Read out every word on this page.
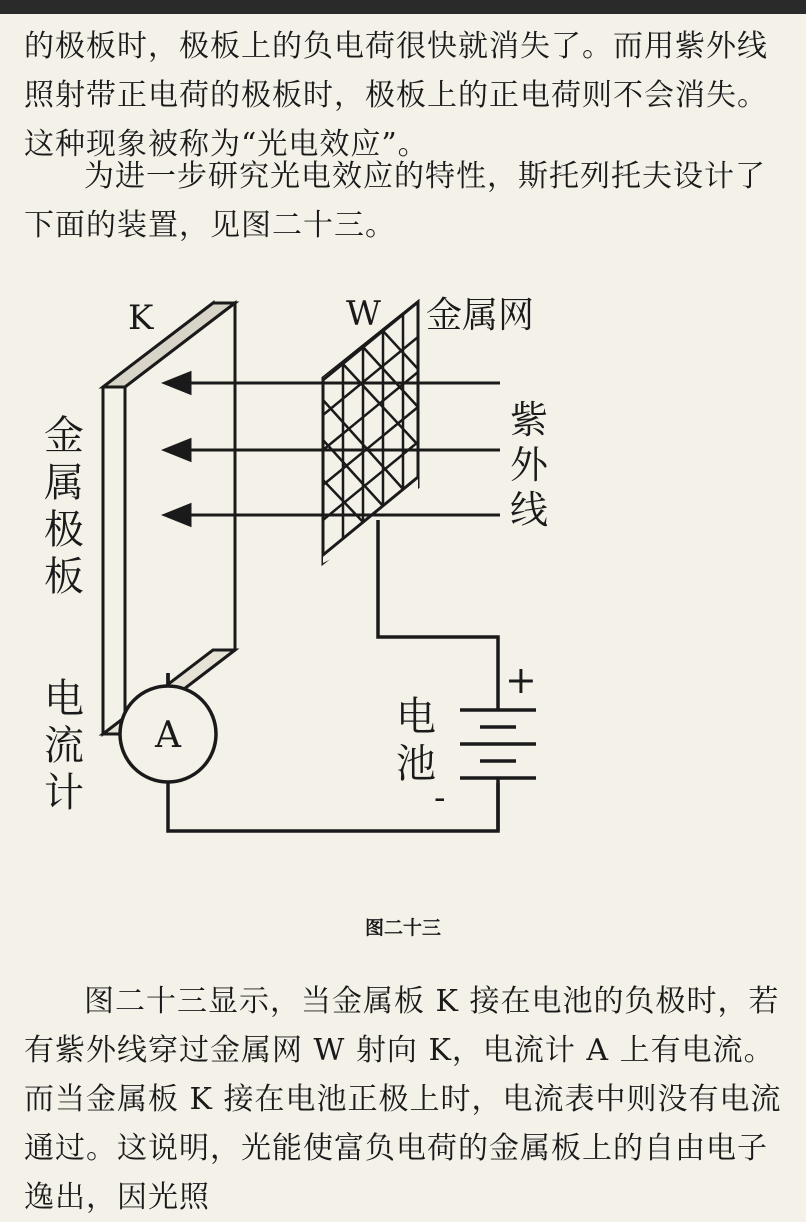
的极板时，极板上的负电荷很快就消失了。而用紫外线照射带正电荷的极板时，极板上的正电荷则不会消失。这种现象被称为“光电效应”。

为进一步研究光电效应的特性，斯托列托夫设计了下面的装置，见图二十三。

A
K	W 金属网
紫
外
线
金
属
极
板
电
流
计
电
池
+
-
图二十三

图二十三显示，当金属板 K 接在电池的负极时，若有紫外线穿过金属网 W 射向 K，电流计 A 上有电流。而当金属板 K 接在电池正极上时，电流表中则没有电流通过。这说明，光能使富负电荷的金属板上的自由电子逸出，因光照
